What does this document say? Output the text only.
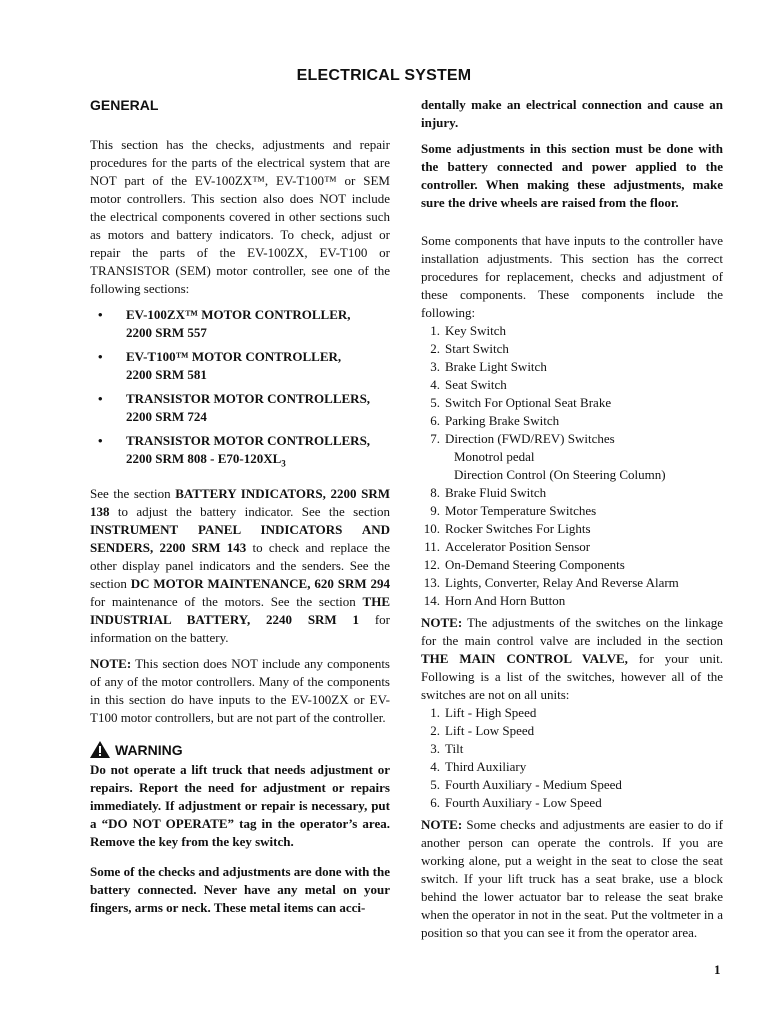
ELECTRICAL SYSTEM
GENERAL

This section has the checks, adjustments and repair procedures for the parts of the electrical system that are NOT part of the EV-100ZX™, EV-T100™ or SEM motor controllers. This section also does NOT include the electrical components covered in other sections such as motors and battery indicators. To check, adjust or repair the parts of the EV-100ZX, EV-T100 or TRANSISTOR (SEM) motor controller, see one of the following sections:

• EV-100ZX™ MOTOR CONTROLLER,
2200 SRM 557
• EV-T100™ MOTOR CONTROLLER,
2200 SRM 581
• TRANSISTOR MOTOR CONTROLLERS,
2200 SRM 724
• TRANSISTOR MOTOR CONTROLLERS,
2200 SRM $808 - E70-120XL_3$

See the section BATTERY INDICATORS, 2200 SRM 138 to adjust the battery indicator. See the section INSTRUMENT PANEL INDICATORS AND SENDERS, 2200 SRM 143 to check and replace the other display panel indicators and the senders. See the section DC MOTOR MAINTENANCE, 620 SRM 294 for maintenance of the motors. See the section THE INDUSTRIAL BATTERY, 2240 SRM 1 for information on the battery.

NOTE: This section does NOT include any components of any of the motor controllers. Many of the components in this section do have inputs to the EV-100ZX or EV-T100 motor controllers, but are not part of the controller.

WARNING

Do not operate a lift truck that needs adjustment or repairs. Report the need for adjustment or repairs immediately. If adjustment or repair is necessary, put a “DO NOT OPERATE” tag in the operator’s area. Remove the key from the key switch.

Some of the checks and adjustments are done with the battery connected. Never have any metal on your fingers, arms or neck. These metal items can acci-

dentally make an electrical connection and cause an injury.

Some adjustments in this section must be done with the battery connected and power applied to the controller. When making these adjustments, make sure the drive wheels are raised from the floor.

Some components that have inputs to the controller have installation adjustments. This section has the correct procedures for replacement, checks and adjustment of these components. These components include the following:

1. Key Switch
2. Start Switch
3. Brake Light Switch
4. Seat Switch
5. Switch For Optional Seat Brake
6. Parking Brake Switch
7. Direction (FWD/REV) Switches
Monotrol pedal
Direction Control (On Steering Column)
8. Brake Fluid Switch
9. Motor Temperature Switches
10. Rocker Switches For Lights
11. Accelerator Position Sensor
12. On-Demand Steering Components
13. Lights, Converter, Relay And Reverse Alarm
14. Horn And Horn Button

NOTE: The adjustments of the switches on the linkage for the main control valve are included in the section THE MAIN CONTROL VALVE, for your unit. Following is a list of the switches, however all of the switches are not on all units:

1. Lift - High Speed
2. Lift - Low Speed
3. Tilt
4. Third Auxiliary
5. Fourth Auxiliary - Medium Speed
6. Fourth Auxiliary - Low Speed

NOTE: Some checks and adjustments are easier to do if another person can operate the controls. If you are working alone, put a weight in the seat to close the seat switch. If your lift truck has a seat brake, use a block behind the lower actuator bar to release the seat brake when the operator in not in the seat. Put the voltmeter in a position so that you can see it from the operator area.

1
